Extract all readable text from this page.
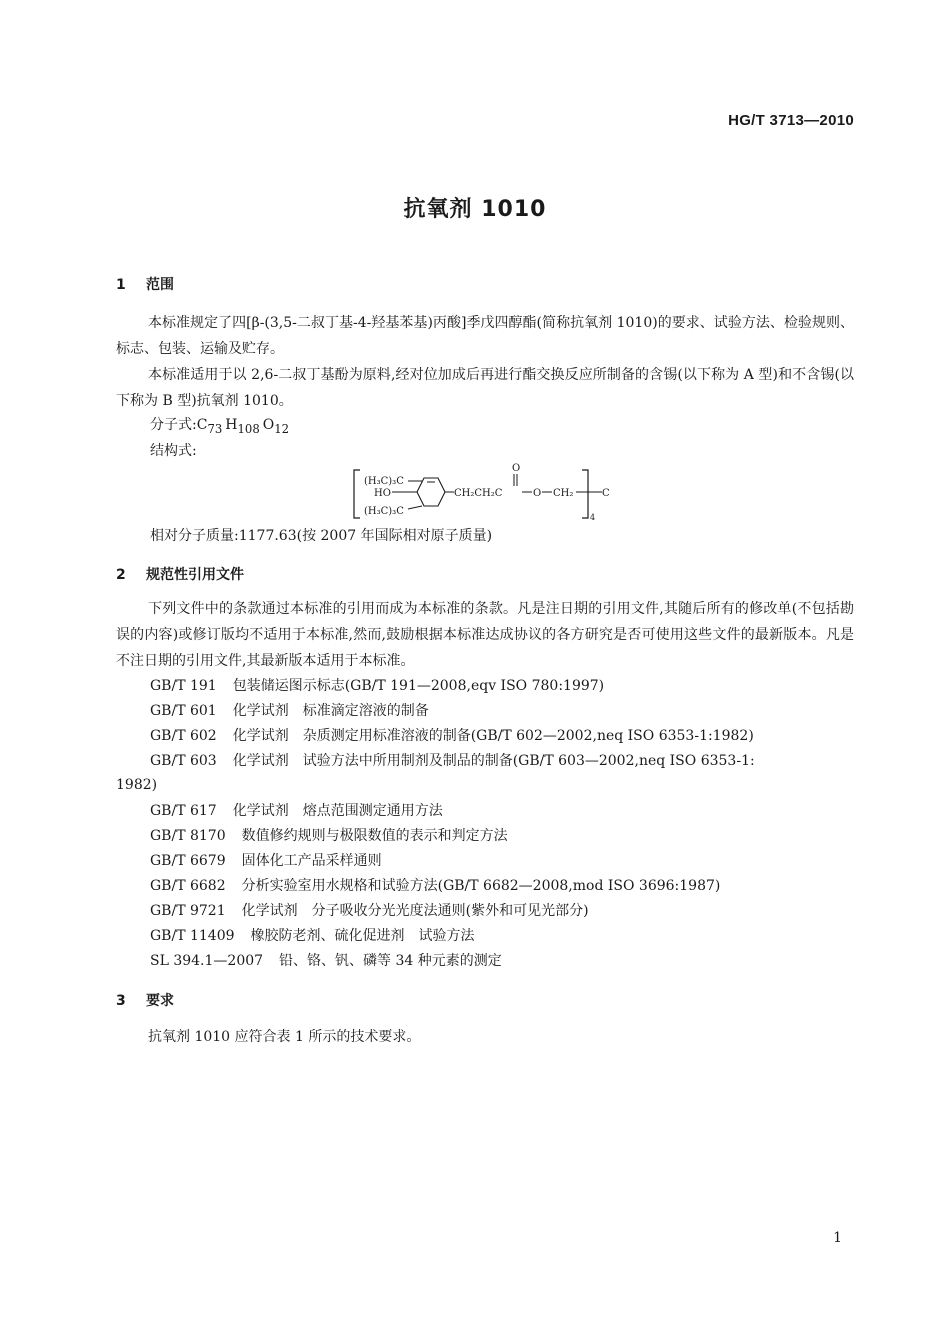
HG/T 3713—2010
抗氧剂 1010
1 范围

本标准规定了四[β-(3,5-二叔丁基-4-羟基苯基)丙酸]季戊四醇酯(简称抗氧剂 1010)的要求、试验方法、检验规则、标志、包装、运输及贮存。

本标准适用于以 2,6-二叔丁基酚为原料,经对位加成后再进行酯交换反应所制备的含锡(以下称为 A 型)和不含锡(以下称为 B 型)抗氧剂 1010。

分子式$:C_{73}$ $H_{108}$ $O_{12}$
结构式:
(H₃C)₃C
HO
(H₃C)₃C
CH₂CH₂C
O
O CH₂
4
C
相对分子质量:1177.63(按 2007 年国际相对原子质量)
2 规范性引用文件

下列文件中的条款通过本标准的引用而成为本标准的条款。凡是注日期的引用文件,其随后所有的修改单(不包括勘误的内容)或修订版均不适用于本标准,然而,鼓励根据本标准达成协议的各方研究是否可使用这些文件的最新版本。凡是不注日期的引用文件,其最新版本适用于本标准。

GB/T 191 包装储运图示标志(GB/T 191—2008,eqv ISO 780:1997)
GB/T 601 化学试剂　标准滴定溶液的制备
GB/T 602 化学试剂　杂质测定用标准溶液的制备(GB/T 602—2002,neq ISO 6353-1:1982)
GB/T 603 化学试剂　试验方法中所用制剂及制品的制备(GB/T 603—2002,neq ISO 6353-1:
1982)
GB/T 617 化学试剂　熔点范围测定通用方法
GB/T 8170 数值修约规则与极限数值的表示和判定方法
GB/T 6679 固体化工产品采样通则
GB/T 6682 分析实验室用水规格和试验方法(GB/T 6682—2008,mod ISO 3696:1987)
GB/T 9721 化学试剂　分子吸收分光光度法通则(紫外和可见光部分)
GB/T 11409 橡胶防老剂、硫化促进剂　试验方法
SL 394.1—2007 铅、铬、钒、磷等 34 种元素的测定
3 要求

抗氧剂 1010 应符合表 1 所示的技术要求。

1
